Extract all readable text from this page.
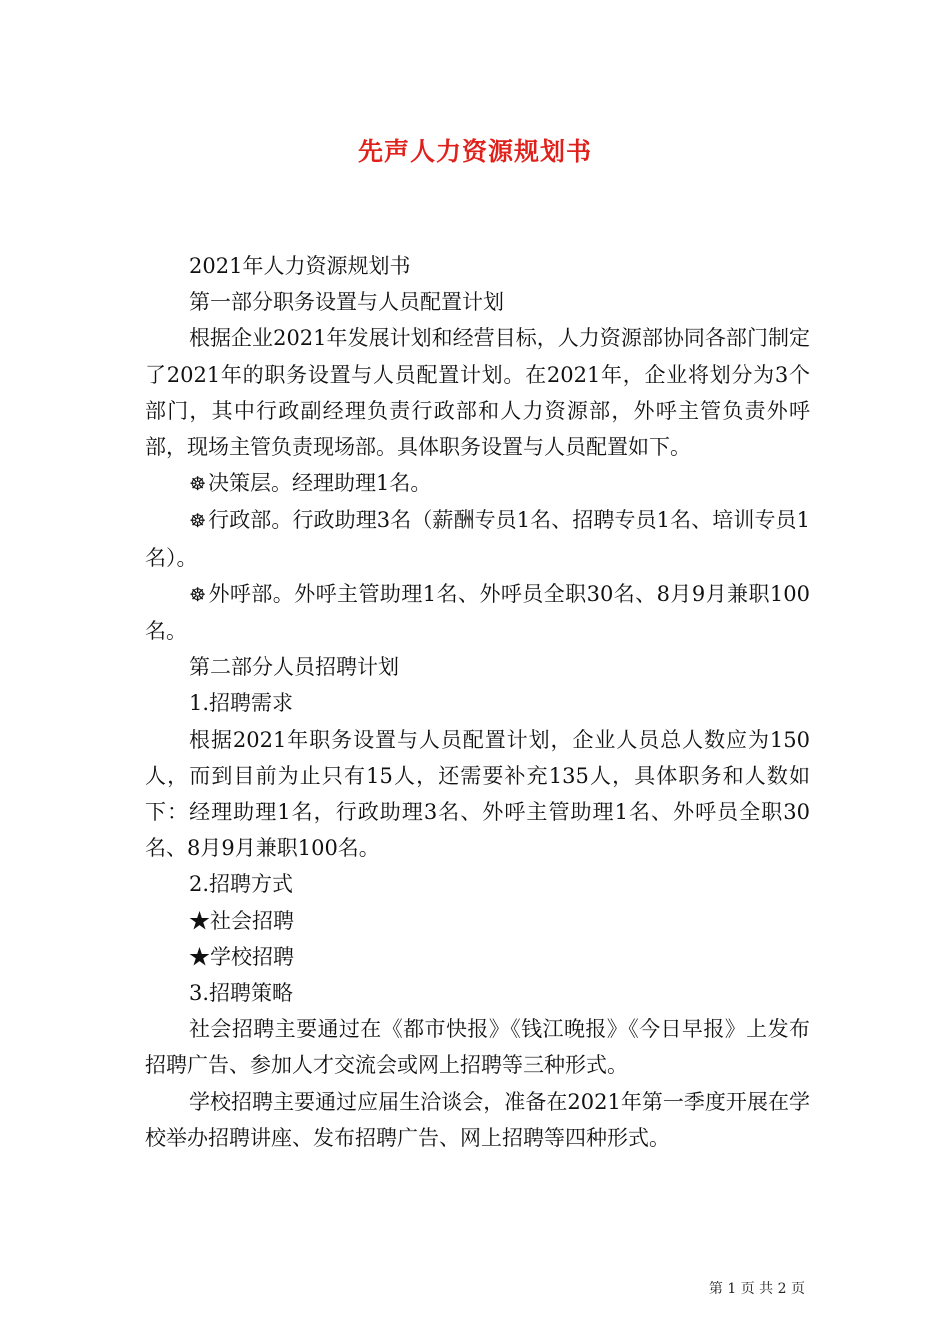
先声人力资源规划书

2021年人力资源规划书

第一部分职务设置与人员配置计划

根据企业2021年发展计划和经营目标，人力资源部协同各部门制定了2021年的职务设置与人员配置计划。在2021年，企业将划分为3个部门，其中行政副经理负责行政部和人力资源部，外呼主管负责外呼部，现场主管负责现场部。具体职务设置与人员配置如下。

☸决策层。经理助理1名。

☸行政部。行政助理3名（薪酬专员1名、招聘专员1名、培训专员1名）。

☸外呼部。外呼主管助理1名、外呼员全职30名、8月9月兼职100名。

第二部分人员招聘计划

1.招聘需求

根据2021年职务设置与人员配置计划，企业人员总人数应为150人，而到目前为止只有15人，还需要补充135人，具体职务和人数如下：经理助理1名，行政助理3名、外呼主管助理1名、外呼员全职30名、8月9月兼职100名。

2.招聘方式

★社会招聘

★学校招聘

3.招聘策略

社会招聘主要通过在《都市快报》《钱江晚报》《今日早报》上发布招聘广告、参加人才交流会或网上招聘等三种形式。

学校招聘主要通过应届生洽谈会，准备在2021年第一季度开展在学校举办招聘讲座、发布招聘广告、网上招聘等四种形式。

第 1 页 共 2 页
